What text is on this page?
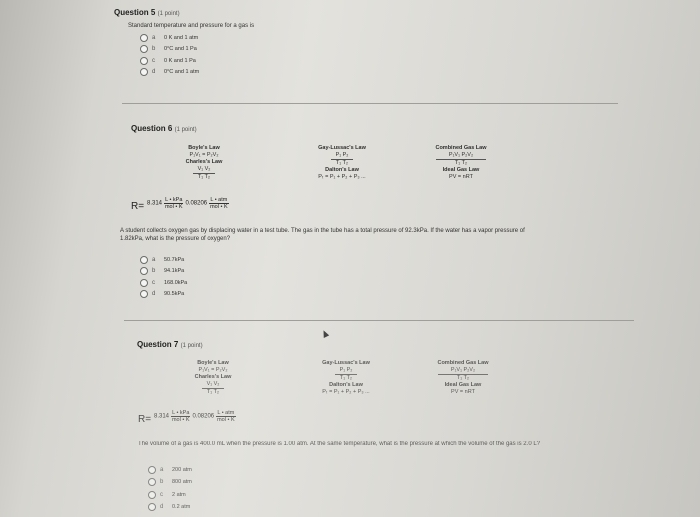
Question 5 (1 point)
Standard temperature and pressure for a gas is
a	0 K and 1 atm
b	0°C and 1 Pa
c	0 K and 1 Pa
d	0°C and 1 atm
Question 6 (1 point)
Boyle's Law
P₁V₁ = P₂V₂
Charles's Law
V₁ V₂
T₁ T₂
Gay-Lussac's Law
P₁ P₂
T₁ T₂
Dalton's Law
Pₜ = P₁ + P₂ + P₃ ...
Combined Gas Law
P₁V₁ P₂V₂
T₁ T₂
Ideal Gas Law
PV = nRT
$R= 8.314 \frac{\text{L • kPa}}{\text{mol • K}} 0.08206 \frac{\text{L • atm}}{\text{mol • K}}$
A student collects oxygen gas by displacing water in a test tube. The gas in the tube has a total pressure of 92.3kPa. If the water has a vapor pressure of 1.82kPa, what is the pressure of oxygen?
a	50.7kPa
b	94.1kPa
c	168.0kPa
d	90.5kPa
Question 7 (1 point)
Boyle's Law
P₁V₁ = P₂V₂
Charles's Law
V₁ V₂
T₁ T₂
Gay-Lussac's Law
P₁ P₂
T₁ T₂
Dalton's Law
Pₜ = P₁ + P₂ + P₃ ...
Combined Gas Law
P₁V₁ P₂V₂
T₁ T₂
Ideal Gas Law
PV = nRT
$R= 8.314 \frac{\text{L • kPa}}{\text{mol • K}} 0.08206 \frac{\text{L • atm}}{\text{mol • K}}$
The volume of a gas is 400.0 mL when the pressure is 1.00 atm. At the same temperature, what is the pressure at which the volume of the gas is 2.0 L?
a	200 atm
b	800 atm
c	2 atm
d	0.2 atm
